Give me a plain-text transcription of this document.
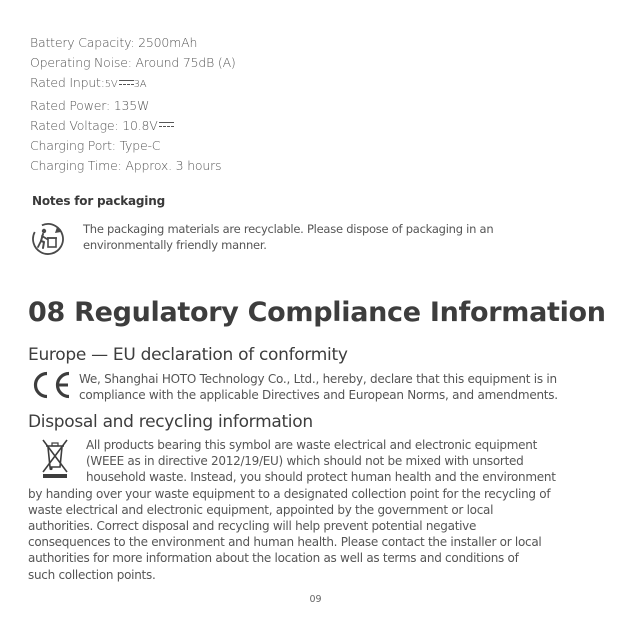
Battery Capacity: 2500mAh
Operating Noise: Around 75dB (A)
Rated Input:5V 3A
Rated Power: 135W
Rated Voltage: 10.8V
Charging Port: Type-C
Charging Time: Approx. 3 hours
Notes for packaging
The packaging materials are recyclable. Please dispose of packaging in an environmentally friendly manner.
08 Regulatory Compliance Information
Europe — EU declaration of conformity
We, Shanghai HOTO Technology Co., Ltd., hereby, declare that this equipment is in
compliance with the applicable Directives and European Norms, and amendments.
Disposal and recycling information
All products bearing this symbol are waste electrical and electronic equipment
(WEEE as in directive 2012/19/EU) which should not be mixed with unsorted
household waste. Instead, you should protect human health and the environment
by handing over your waste equipment to a designated collection point for the recycling of
waste electrical and electronic equipment, appointed by the government or local
authorities. Correct disposal and recycling will help prevent potential negative
consequences to the environment and human health. Please contact the installer or local
authorities for more information about the location as well as terms and conditions of
such collection points.
09
